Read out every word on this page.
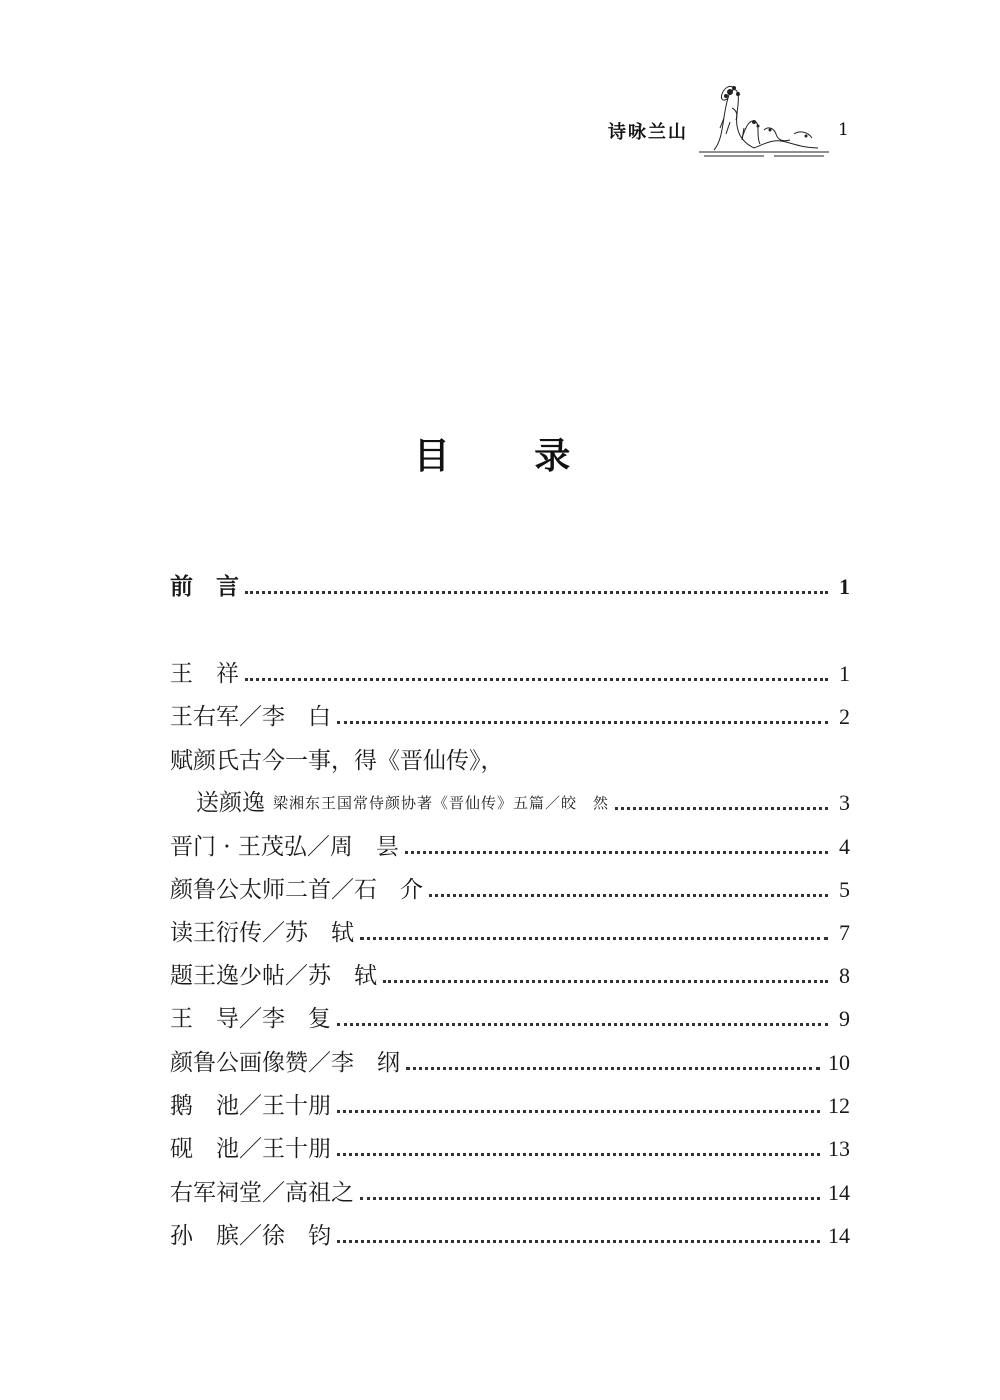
诗咏兰山	1
目 录
前　言	1
王　祥	1
王右军／李　白	2
赋颜氏古今一事，得《晋仙传》，
送颜逸 梁湘东王国常侍颜协著《晋仙传》五篇／皎　然	3
晋门 · 王茂弘／周　昙	4
颜鲁公太师二首／石　介	5
读王衍传／苏　轼	7
题王逸少帖／苏　轼	8
王　导／李　复	9
颜鲁公画像赞／李　纲	10
鹅　池／王十朋	12
砚　池／王十朋	13
右军祠堂／高祖之	14
孙　膑／徐　钧	14
